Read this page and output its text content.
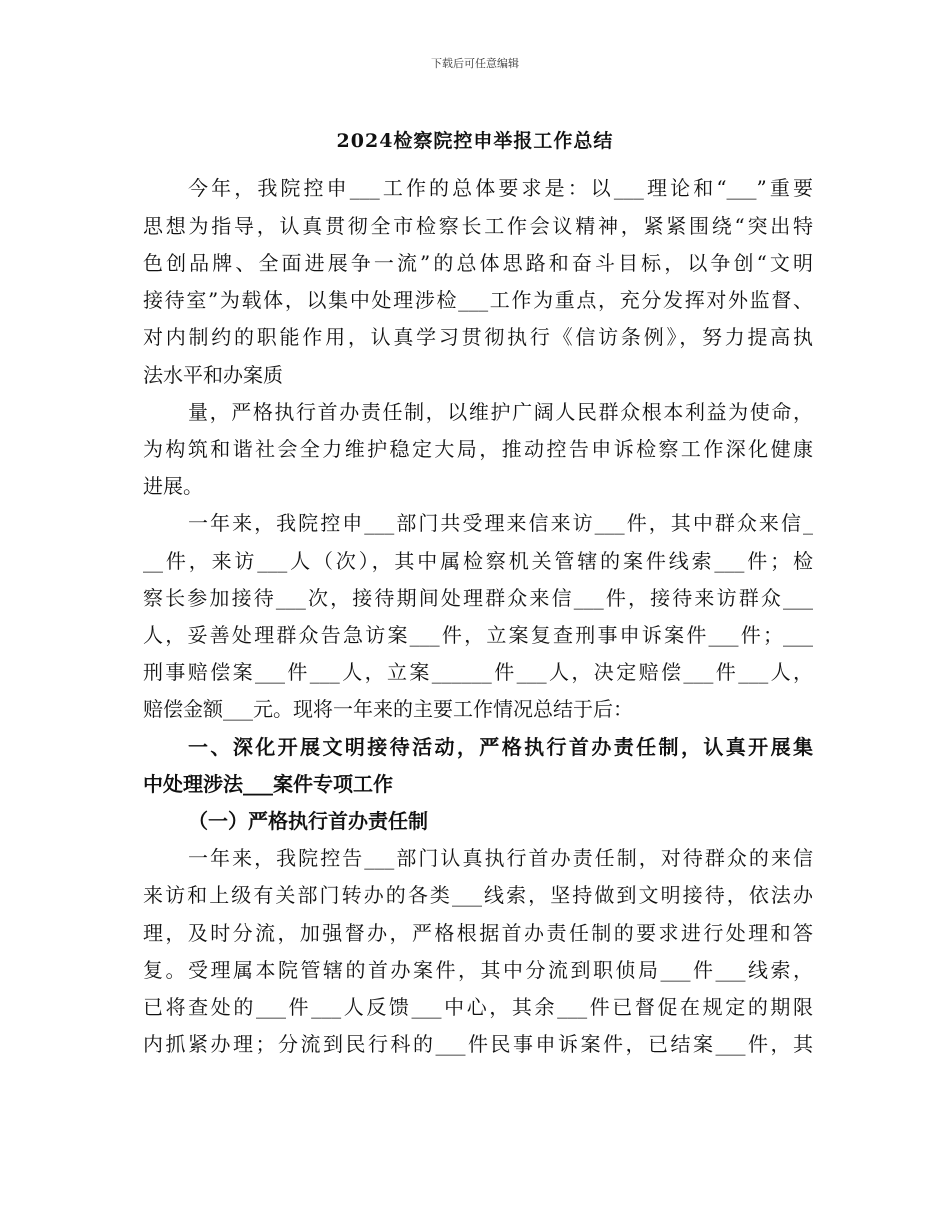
下载后可任意编辑
2024检察院控申举报工作总结
今年，我院控申___工作的总体要求是：以___理论和“___”重要
思想为指导，认真贯彻全市检察长工作会议精神，紧紧围绕“突出特
色创品牌、全面进展争一流”的总体思路和奋斗目标，以争创“文明
接待室”为载体，以集中处理涉检___工作为重点，充分发挥对外监督、
对内制约的职能作用，认真学习贯彻执行《信访条例》，努力提高执
法水平和办案质
量，严格执行首办责任制，以维护广阔人民群众根本利益为使命，
为构筑和谐社会全力维护稳定大局，推动控告申诉检察工作深化健康
进展。
一年来，我院控申___部门共受理来信来访___件，其中群众来信_
__件，来访___人（次），其中属检察机关管辖的案件线索___件；检
察长参加接待___次，接待期间处理群众来信___件，接待来访群众___
人，妥善处理群众告急访案___件，立案复查刑事申诉案件___件；___
刑事赔偿案___件___人，立案______件___人，决定赔偿___件___人，
赔偿金额___元。现将一年来的主要工作情况总结于后：
一、深化开展文明接待活动，严格执行首办责任制，认真开展集
中处理涉法___案件专项工作
（一）严格执行首办责任制
一年来，我院控告___部门认真执行首办责任制，对待群众的来信
来访和上级有关部门转办的各类___线索，坚持做到文明接待，依法办
理，及时分流，加强督办，严格根据首办责任制的要求进行处理和答
复。受理属本院管辖的首办案件，其中分流到职侦局___件___线索，
已将查处的___件___人反馈___中心，其余___件已督促在规定的期限
内抓紧办理；分流到民行科的___件民事申诉案件，已结案___件，其
